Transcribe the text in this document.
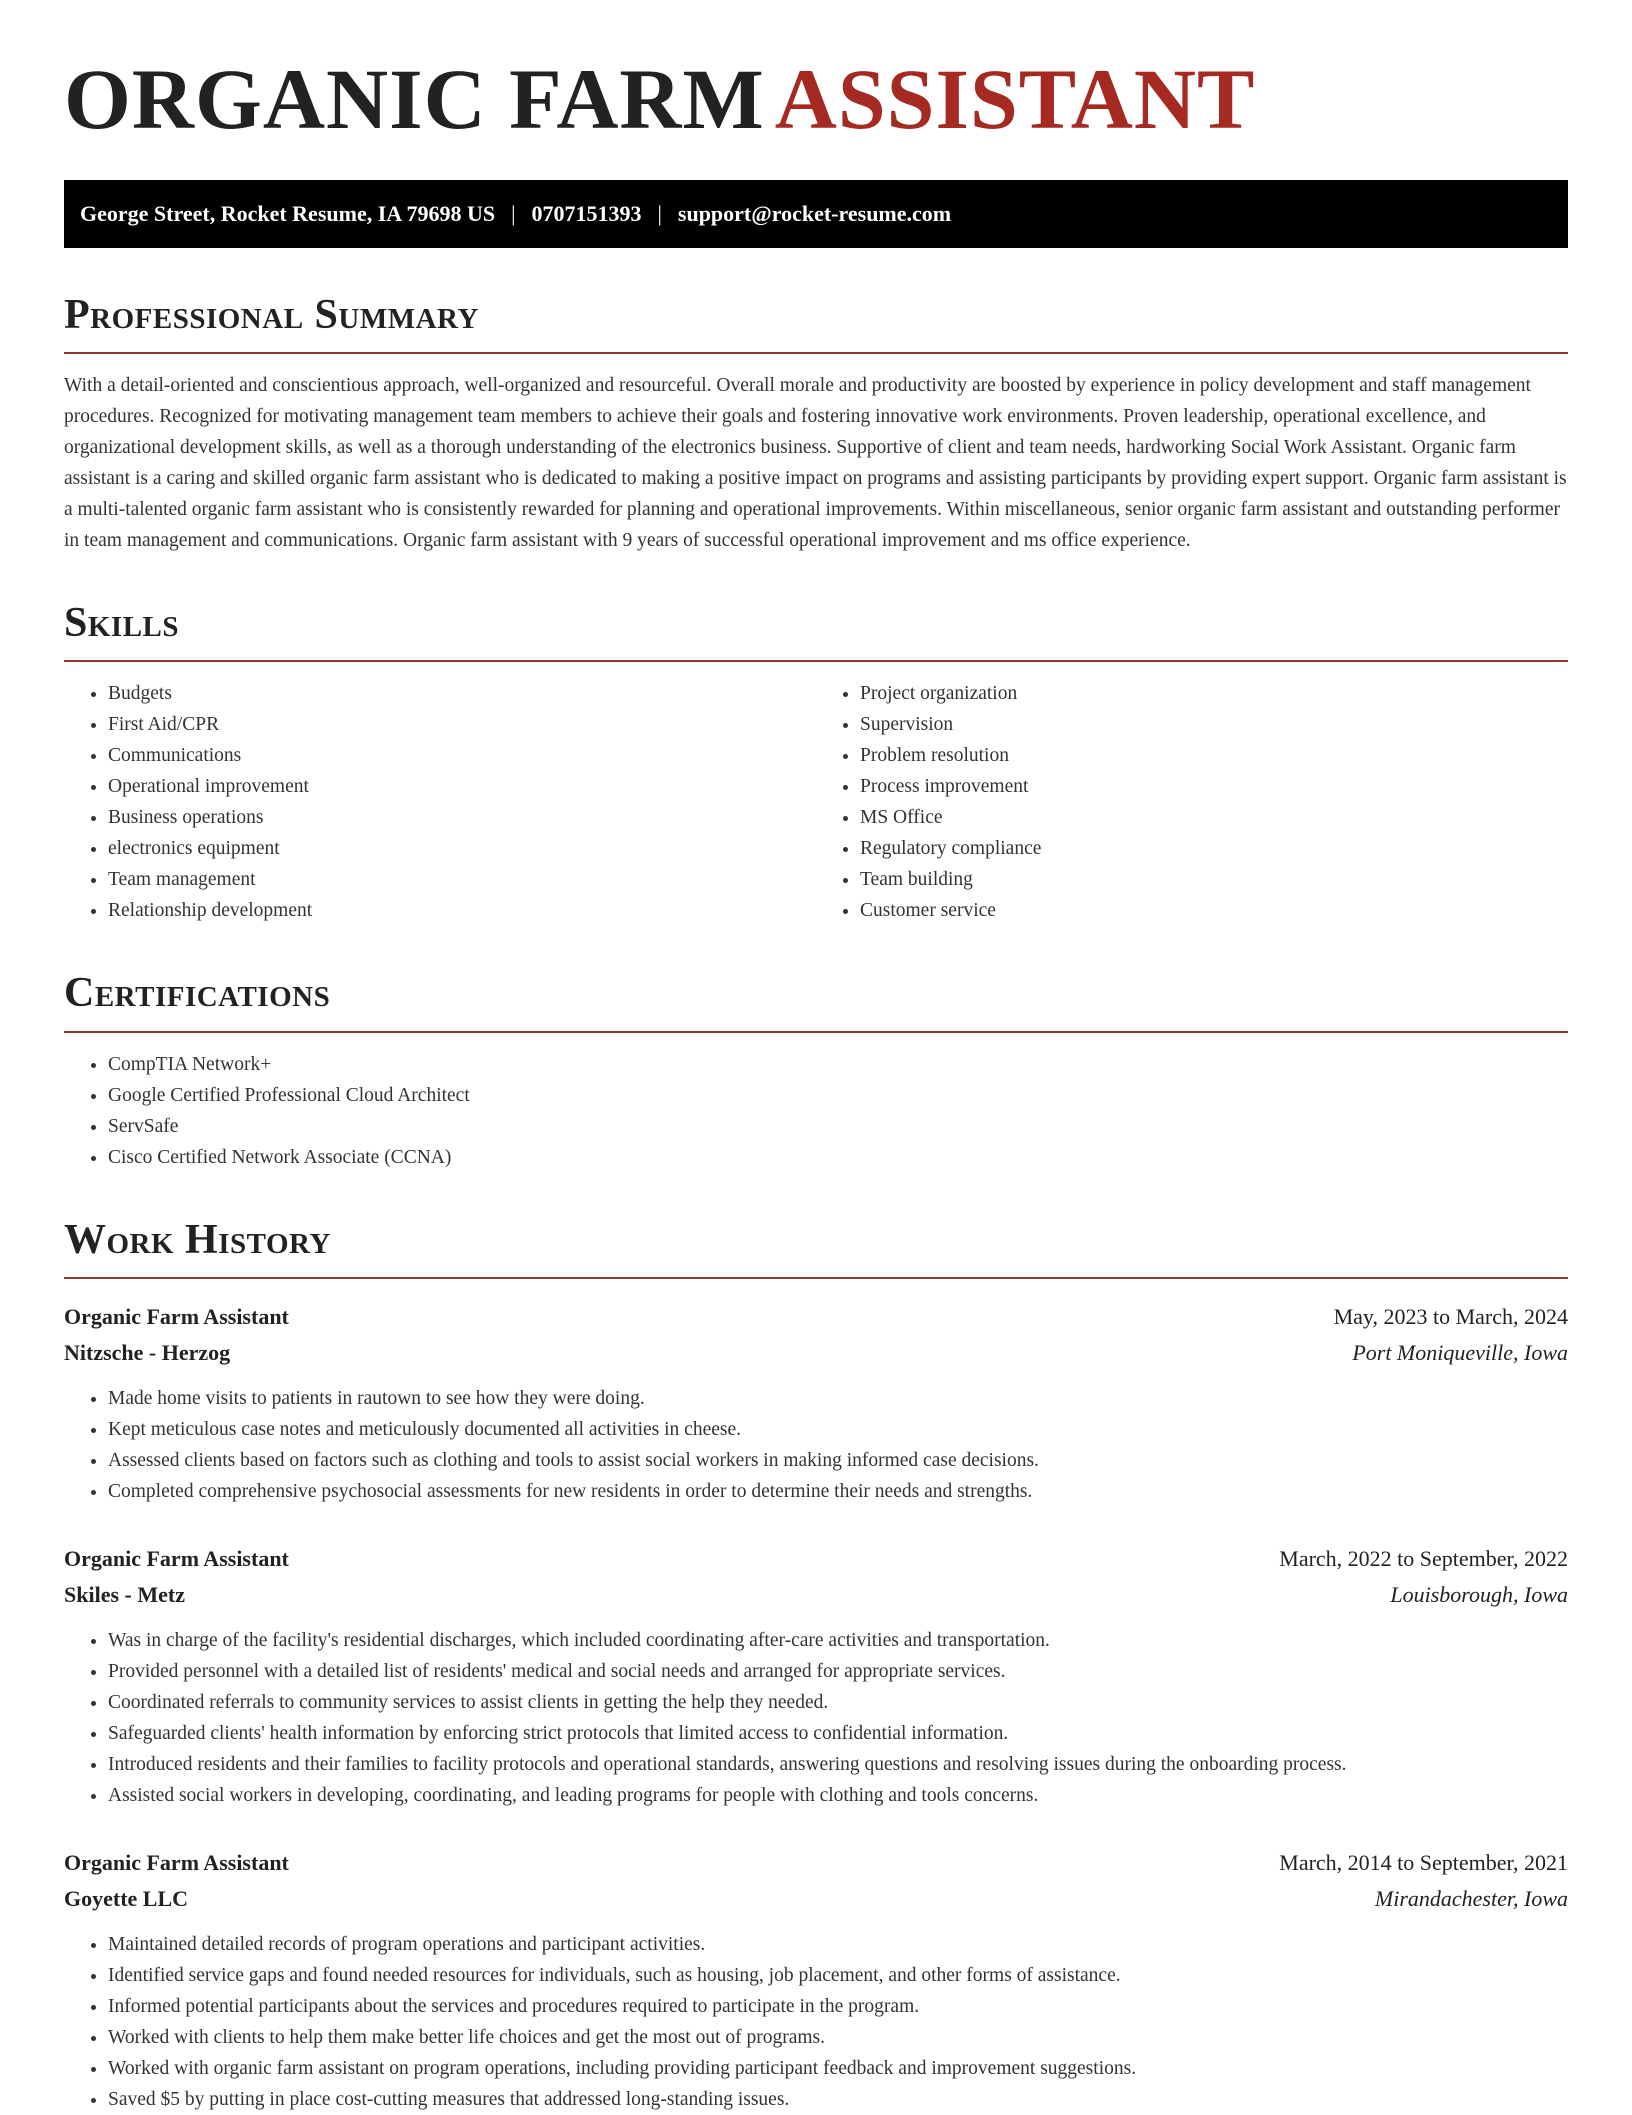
ORGANIC FARM ASSISTANT
George Street, Rocket Resume, IA 79698 US | 0707151393 | support@rocket-resume.com
Professional Summary

With a detail-oriented and conscientious approach, well-organized and resourceful. Overall morale and productivity are boosted by experience in policy development and staff management procedures. Recognized for motivating management team members to achieve their goals and fostering innovative work environments. Proven leadership, operational excellence, and organizational development skills, as well as a thorough understanding of the electronics business. Supportive of client and team needs, hardworking Social Work Assistant. Organic farm assistant is a caring and skilled organic farm assistant who is dedicated to making a positive impact on programs and assisting participants by providing expert support. Organic farm assistant is a multi-talented organic farm assistant who is consistently rewarded for planning and operational improvements. Within miscellaneous, senior organic farm assistant and outstanding performer in team management and communications. Organic farm assistant with 9 years of successful operational improvement and ms office experience.

Skills
• Budgets
• First Aid/CPR
• Communications
• Operational improvement
• Business operations
• electronics equipment
• Team management
• Relationship development
• Project organization
• Supervision
• Problem resolution
• Process improvement
• MS Office
• Regulatory compliance
• Team building
• Customer service
Certifications
• CompTIA Network+
• Google Certified Professional Cloud Architect
• ServSafe
• Cisco Certified Network Associate (CCNA)
Work History
Organic Farm Assistant	May, 2023 to March, 2024
Nitzsche - Herzog	Port Moniqueville, Iowa
• Made home visits to patients in rautown to see how they were doing.
• Kept meticulous case notes and meticulously documented all activities in cheese.
• Assessed clients based on factors such as clothing and tools to assist social workers in making informed case decisions.
• Completed comprehensive psychosocial assessments for new residents in order to determine their needs and strengths.
Organic Farm Assistant	March, 2022 to September, 2022
Skiles - Metz	Louisborough, Iowa
• Was in charge of the facility's residential discharges, which included coordinating after-care activities and transportation.
• Provided personnel with a detailed list of residents' medical and social needs and arranged for appropriate services.
• Coordinated referrals to community services to assist clients in getting the help they needed.
• Safeguarded clients' health information by enforcing strict protocols that limited access to confidential information.
• Introduced residents and their families to facility protocols and operational standards, answering questions and resolving issues during the onboarding process.
• Assisted social workers in developing, coordinating, and leading programs for people with clothing and tools concerns.
Organic Farm Assistant	March, 2014 to September, 2021
Goyette LLC	Mirandachester, Iowa
• Maintained detailed records of program operations and participant activities.
• Identified service gaps and found needed resources for individuals, such as housing, job placement, and other forms of assistance.
• Informed potential participants about the services and procedures required to participate in the program.
• Worked with clients to help them make better life choices and get the most out of programs.
• Worked with organic farm assistant on program operations, including providing participant feedback and improvement suggestions.
• Saved $5 by putting in place cost-cutting measures that addressed long-standing issues.
